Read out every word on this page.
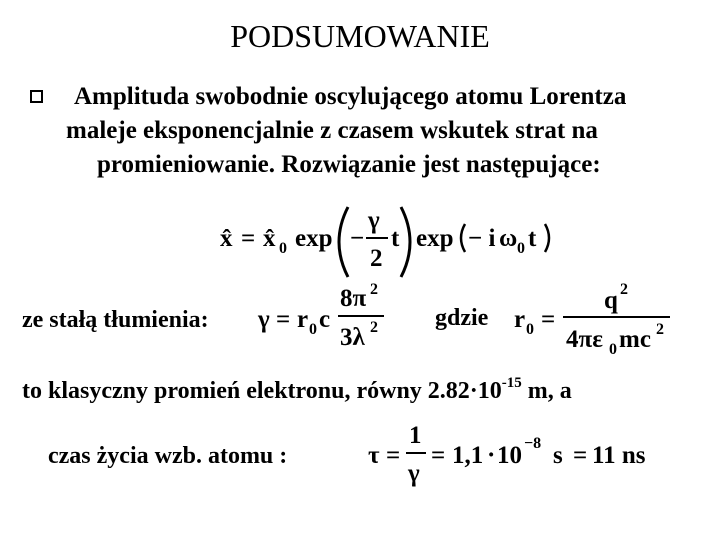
PODSUMOWANIE
Amplituda swobodnie oscylującego atomu Lorentza
maleje eksponencjalnie z czasem wskutek strat na
promieniowanie. Rozwiązanie jest następujące:
x̂ = x̂ 0 exp −
γ
2
t exp − i ω 0 t
ze stałą tłumienia: γ = r 0 c
8π 2
3λ 2 gdzie r 0 =
q 2
4πε 0 mc 2
to klasyczny promień elektronu, równy $2.82\cdot 10^{-15}$ m, a
czas życia wzb. atomu :	τ =
1
γ
= 1,1 · 10 −8 s = 11 ns
